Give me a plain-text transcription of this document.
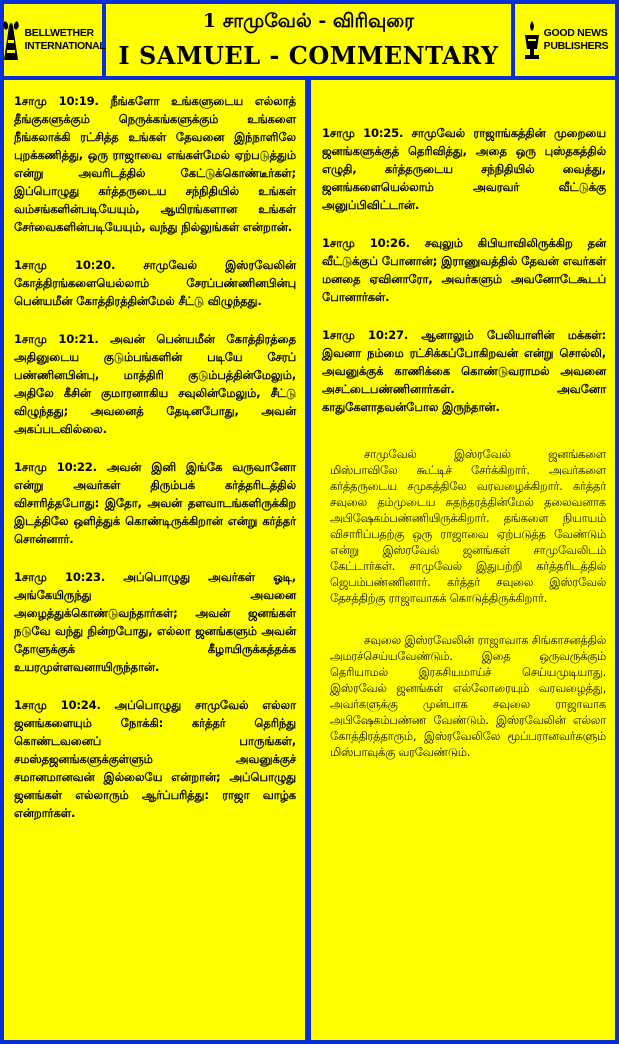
BELLWETHER
INTERNATIONAL
1 சாமுவேல் - விரிவுரை
I SAMUEL - COMMENTARY
GOOD NEWS
PUBLISHERS

1சாமு 10:19. நீங்களோ உங்களுடைய எல்லாத் தீங்குகளுக்கும் நெருக்கங்களுக்கும் உங்களை நீங்கலாக்கி ரட்சித்த உங்கள் தேவனை இந்நாளிலே புறக்கணித்து, ஒரு ராஜாவை எங்கள்மேல் ஏற்படுத்தும் என்று அவரிடத்தில் கேட்டுக்கொண்டீர்கள்; இப்பொழுது கர்த்தருடைய சந்நிதியில் உங்கள் வம்சங்களின்படியேயும், ஆயிரங்களான உங்கள் சேர்வைகளின்படியேயும், வந்து நில்லுங்கள் என்றான்.

1சாமு 10:20. சாமுவேல் இஸ்ரவேலின் கோத்திரங்களையெல்லாம் சேரப்பண்ணினபின்பு பென்யமீன் கோத்திரத்தின்மேல் சீட்டு விழுந்தது.

1சாமு 10:21. அவன் பென்யமீன் கோத்திரத்தை அதினுடைய குடும்பங்களின் படியே சேரப் பண்ணினபின்பு, மாத்திரி குடும்பத்தின்மேலும், அதிலே கீசின் குமாரனாகிய சவுலின்மேலும், சீட்டு விழுந்தது; அவனைத் தேடினபோது, அவன் அகப்படவில்லை.

1சாமு 10:22. அவன் இனி இங்கே வருவானோ என்று அவர்கள் திரும்பக் கர்த்தரிடத்தில் விசாரித்தபோது: இதோ, அவன் தளவாடங்களிருக்கிற இடத்திலே ஒளித்துக் கொண்டிருக்கிறான் என்று கர்த்தர் சொன்னார்.

1சாமு 10:23. அப்பொழுது அவர்கள் ஓடி, அங்கேயிருந்து அவனை அழைத்துக்கொண்டுவந்தார்கள்; அவன் ஜனங்கள் நடுவே வந்து நின்றபோது, எல்லா ஜனங்களும் அவன் தோளுக்குக் கீழாயிருக்கத்தக்க உயரமுள்ளவனாயிருந்தான்.

1சாமு 10:24. அப்பொழுது சாமுவேல் எல்லா ஜனங்களையும் நோக்கி: கர்த்தர் தெரிந்து கொண்டவனைப் பாருங்கள், சமஸ்தஜனங்களுக்குள்ளும் அவனுக்குச் சமானமானவன் இல்லையே என்றான்; அப்பொழுது ஜனங்கள் எல்லாரும் ஆர்ப்பரித்து: ராஜா வாழ்க என்றார்கள்.

1சாமு 10:25. சாமுவேல் ராஜாங்கத்தின் முறையை ஜனங்களுக்குத் தெரிவித்து, அதை ஒரு புஸ்தகத்தில் எழுதி, கர்த்தருடைய சந்நிதியில் வைத்து, ஜனங்களையெல்லாம் அவரவர் வீட்டுக்கு அனுப்பிவிட்டான்.

1சாமு 10:26. சவுலும் கிபியாவிலிருக்கிற தன் வீட்டுக்குப் போனான்; இராணுவத்தில் தேவன் எவர்கள் மனதை ஏவினாரோ, அவர்களும் அவனோடேகூடப் போனார்கள்.

1சாமு 10:27. ஆனாலும் பேலியாளின் மக்கள்: இவனா நம்மை ரட்சிக்கப்போகிறவன் என்று சொல்லி, அவனுக்குக் காணிக்கை கொண்டுவராமல் அவனை அசட்டைபண்ணினார்கள். அவனோ காதுகேளாதவன்போல இருந்தான்.

சாமுவேல் இஸ்ரவேல் ஜனங்களை மிஸ்பாவிலே கூட்டிச் சேர்க்கிறார். அவர்களை கர்த்தருடைய சமுகத்திலே வரவழைக்கிறார். கர்த்தர் சவுலை தம்முடைய சுதந்தரத்தின்மேல் தலைவனாக அபிஷேகம்பண்ணியிருக்கிறார். தங்களை நியாயம் விசாரிப்பதற்கு ஒரு ராஜாவை ஏற்படுத்த வேண்டும் என்று இஸ்ரவேல் ஜனங்கள் சாமுவேலிடம் கேட்டார்கள். சாமுவேல் இதுபற்றி கர்த்தரிடத்தில் ஜெபம்பண்ணினார். கர்த்தர் சவுலை இஸ்ரவேல் தேசத்திற்கு ராஜாவாகக் கொடுத்திருக்கிறார்.

சவுலை இஸ்ரவேலின் ராஜாவாக சிங்காசனத்தில் அமரச்செய்யவேண்டும். இதை ஒருவருக்கும் தெரியாமல் இரகசியமாய்ச் செய்யமுடியாது. இஸ்ரவேல் ஜனங்கள் எல்லோரையும் வரவழைத்து, அவர்களுக்கு முன்பாக சவுலை ராஜாவாக அபிஷேகம்பண்ண வேண்டும். இஸ்ரவேலின் எல்லா கோத்திரத்தாரும், இஸ்ரவேலிலே மூப்பரானவர்களும் மிஸ்பாவுக்கு வரவேண்டும்.
